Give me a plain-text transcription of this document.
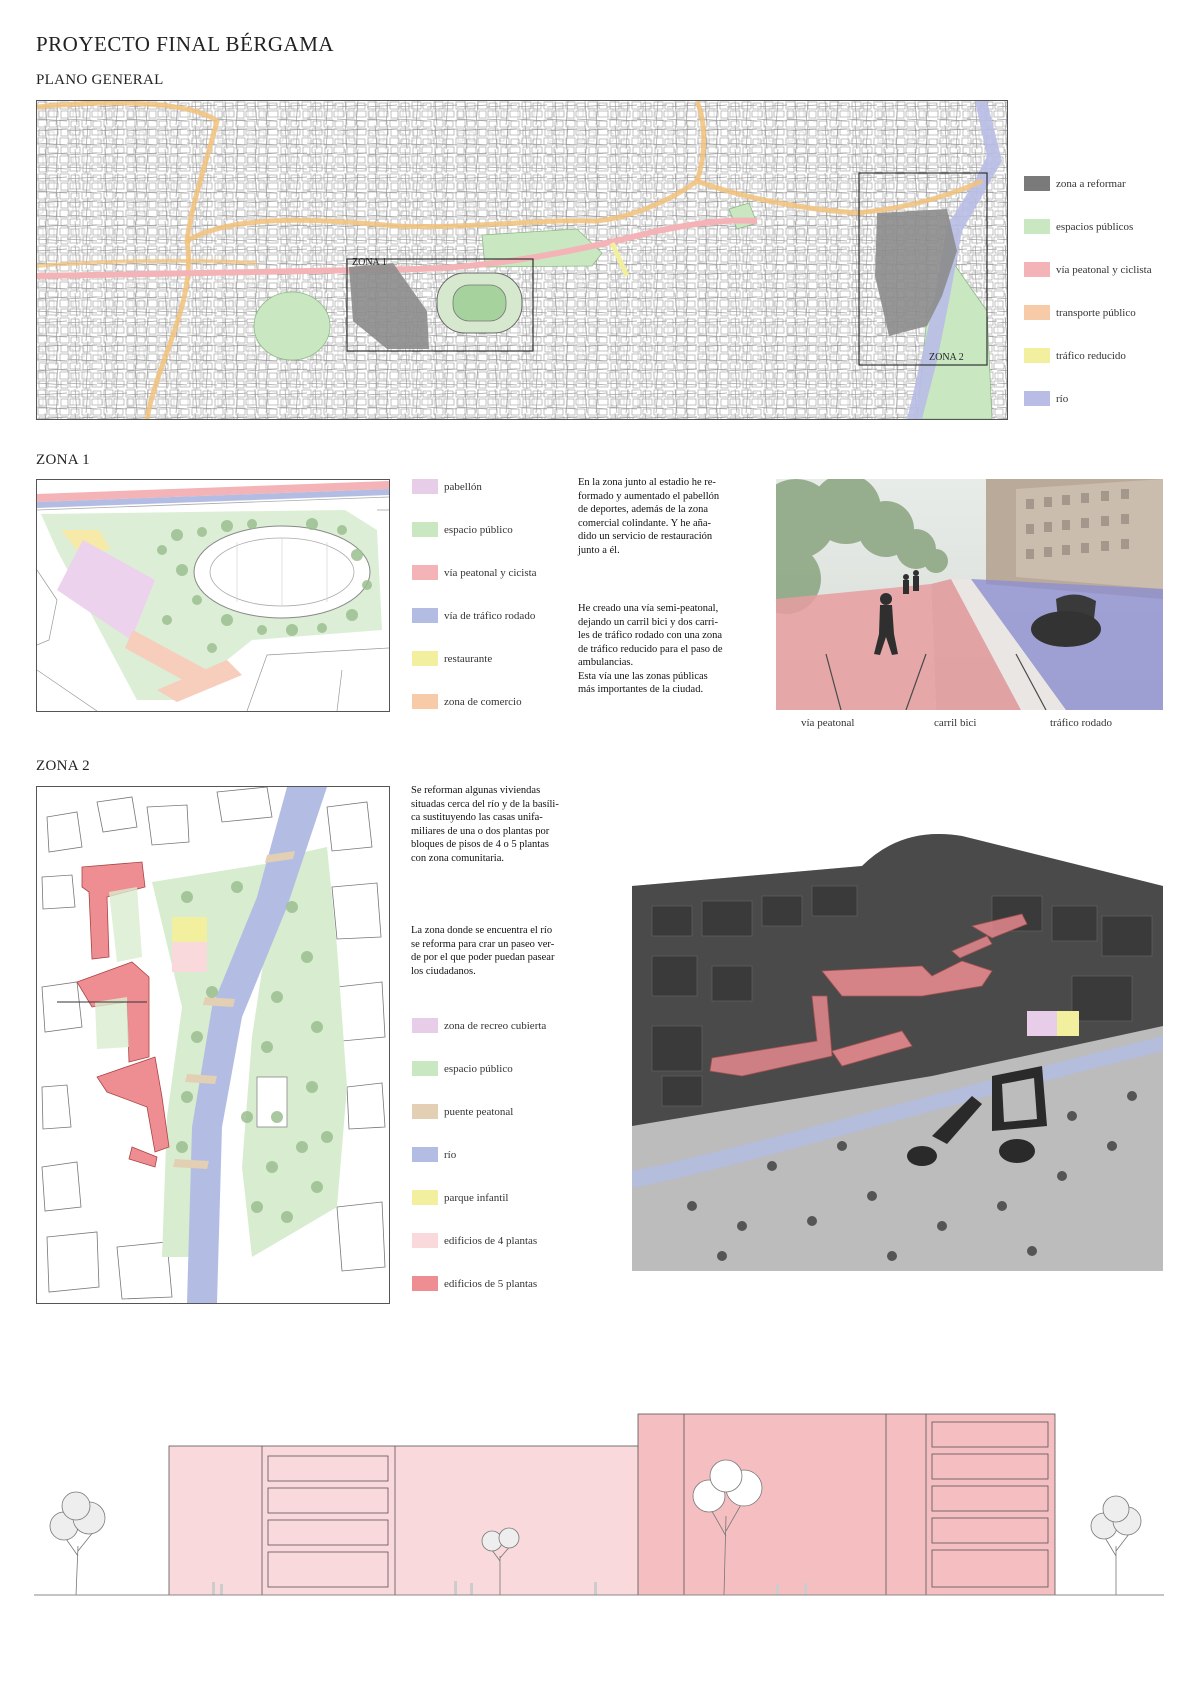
PROYECTO FINAL BÉRGAMA
PLANO GENERAL
ZONA 1
ZONA 2
zona a reformar
espacios públicos
vía peatonal y ciclista
transporte público
tráfico reducido
río
ZONA 1
pabellón
espacio público
vía peatonal y cicista
vía de tráfico rodado
restaurante
zona de comercio
En la zona junto al estadio he re-
formado y aumentado el pabellón
de deportes, además de la zona
comercial colindante. Y he aña-
dido un servicio de restauración
junto a él.
He creado una vía semi-peatonal,
dejando un carril bici y dos carri-
les de tráfico rodado con una zona
de tráfico reducido para el paso de
ambulancias.
Esta vía une las zonas públicas
más importantes de la ciudad.
vía peatonal	carril bici	tráfico rodado
ZONA 2
Se reforman algunas viviendas
situadas cerca del río y de la basíli-
ca sustituyendo las casas unifa-
miliares de una o dos plantas por
bloques de pisos de 4 o 5 plantas
con zona comunitaria.
La zona donde se encuentra el río
se reforma para crar un paseo ver-
de por el que poder puedan pasear
los ciudadanos.
zona de recreo cubierta
espacio público
puente peatonal
río
parque infantil
edificios de 4 plantas
edificios de 5 plantas
